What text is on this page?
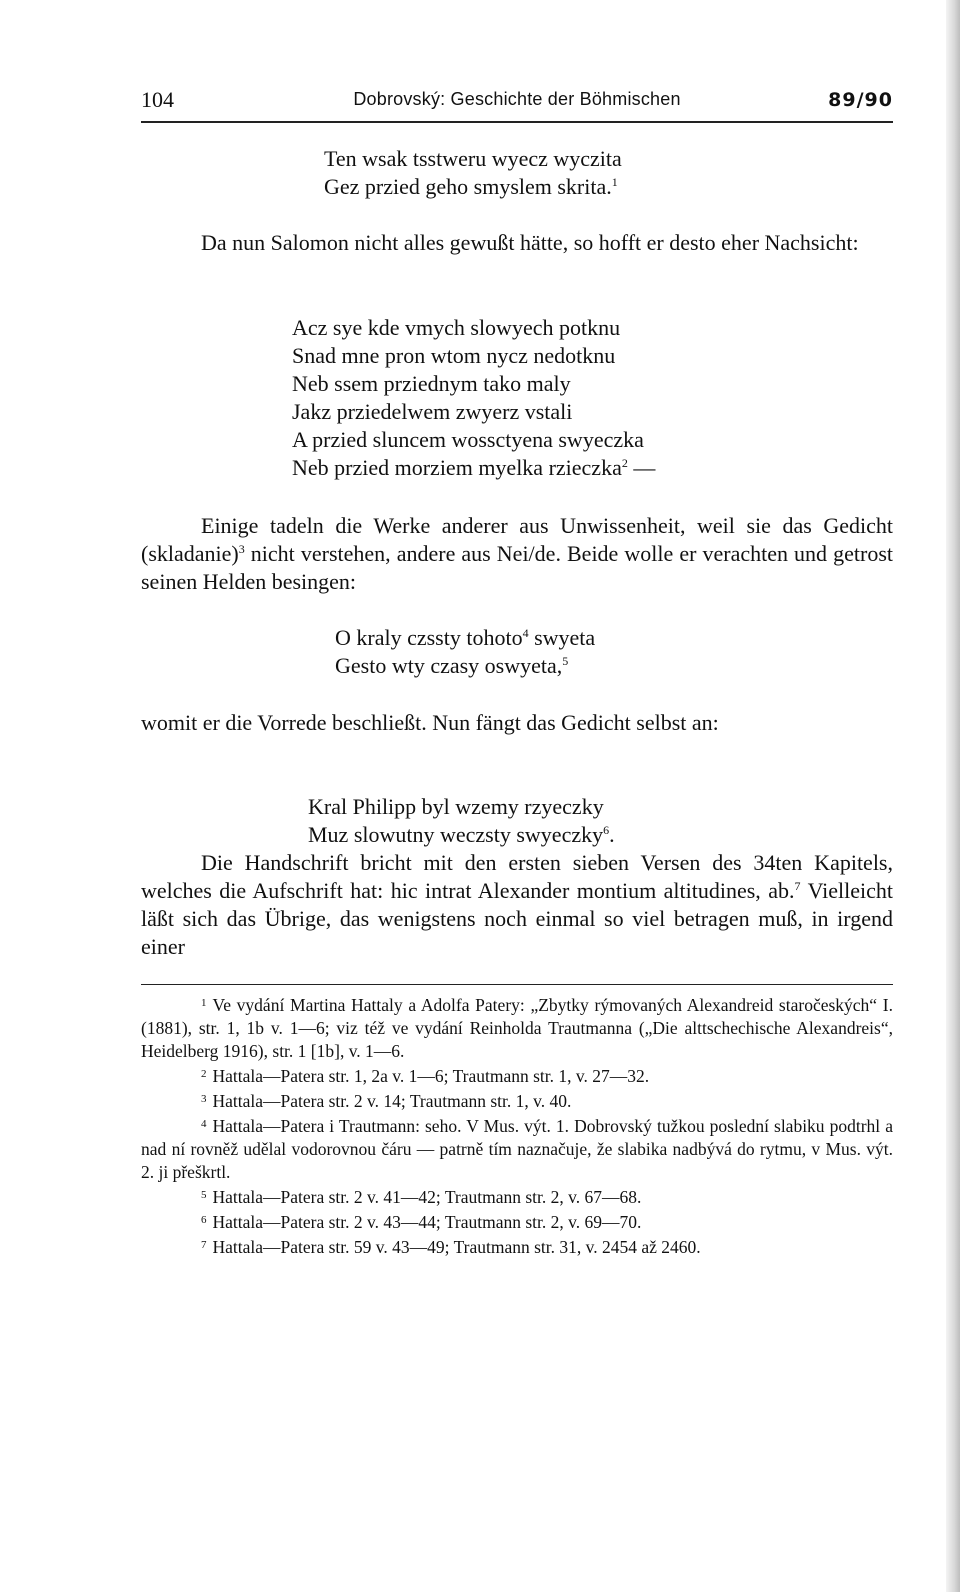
104	Dobrovský: Geschichte der Böhmischen	89/90
Ten wsak tsstweru wyecz wyczita
Gez przied geho smyslem skrita.$^1$

Da nun Salomon nicht alles gewußt hätte, so hofft er desto eher Nachsicht:

Acz sye kde vmych slowyech potknu
Snad mne pron wtom nycz nedotknu
Neb ssem prziednym tako maly
Jakz prziedelwem zwyerz vstali
A przied sluncem wossctyena swyeczka
Neb przied morziem myelka rzieczka$^2$ —

Einige tadeln die Werke anderer aus Unwissenheit, weil sie das Gedicht (skladanie)$^3$ nicht verstehen, andere aus Nei/de. Beide wolle er verachten und getrost seinen Helden besingen:

O kraly czssty tohoto$^4$ swyeta
Gesto wty czasy oswyeta,$^5$

womit er die Vorrede beschließt. Nun fängt das Gedicht selbst an:

Kral Philipp byl wzemy rzyeczky
Muz slowutny weczsty swyeczky$^6$.

Die Handschrift bricht mit den ersten sieben Versen des 34ten Kapitels, welches die Aufschrift hat: hic intrat Alexander montium altitudines, ab.$^7$ Vielleicht läßt sich das Übrige, das wenigstens noch einmal so viel betragen muß, in irgend einer

$^1$ Ve vydání Martina Hattaly a Adolfa Patery: „Zbytky rýmovaných Alexandreid staročeských“ I. (1881), str. 1, 1b v. 1—6; viz též ve vydání Reinholda Trautmanna („Die alttschechische Alexandreis“, Heidelberg 1916), str. 1 [1b], v. 1—6.

$^2$ Hattala—Patera str. 1, 2a v. 1—6; Trautmann str. 1, v. 27—32.

$^3$ Hattala—Patera str. 2 v. 14; Trautmann str. 1, v. 40.

$^4$ Hattala—Patera i Trautmann: seho. V Mus. výt. 1. Dobrovský tužkou poslední slabiku podtrhl a nad ní rovněž udělal vodorovnou čáru — patrně tím naznačuje, že slabika nadbývá do rytmu, v Mus. výt. 2. ji přeškrtl.

$^5$ Hattala—Patera str. 2 v. 41—42; Trautmann str. 2, v. 67—68.

$^6$ Hattala—Patera str. 2 v. 43—44; Trautmann str. 2, v. 69—70.

$^7$ Hattala—Patera str. 59 v. 43—49; Trautmann str. 31, v. 2454 až 2460.
